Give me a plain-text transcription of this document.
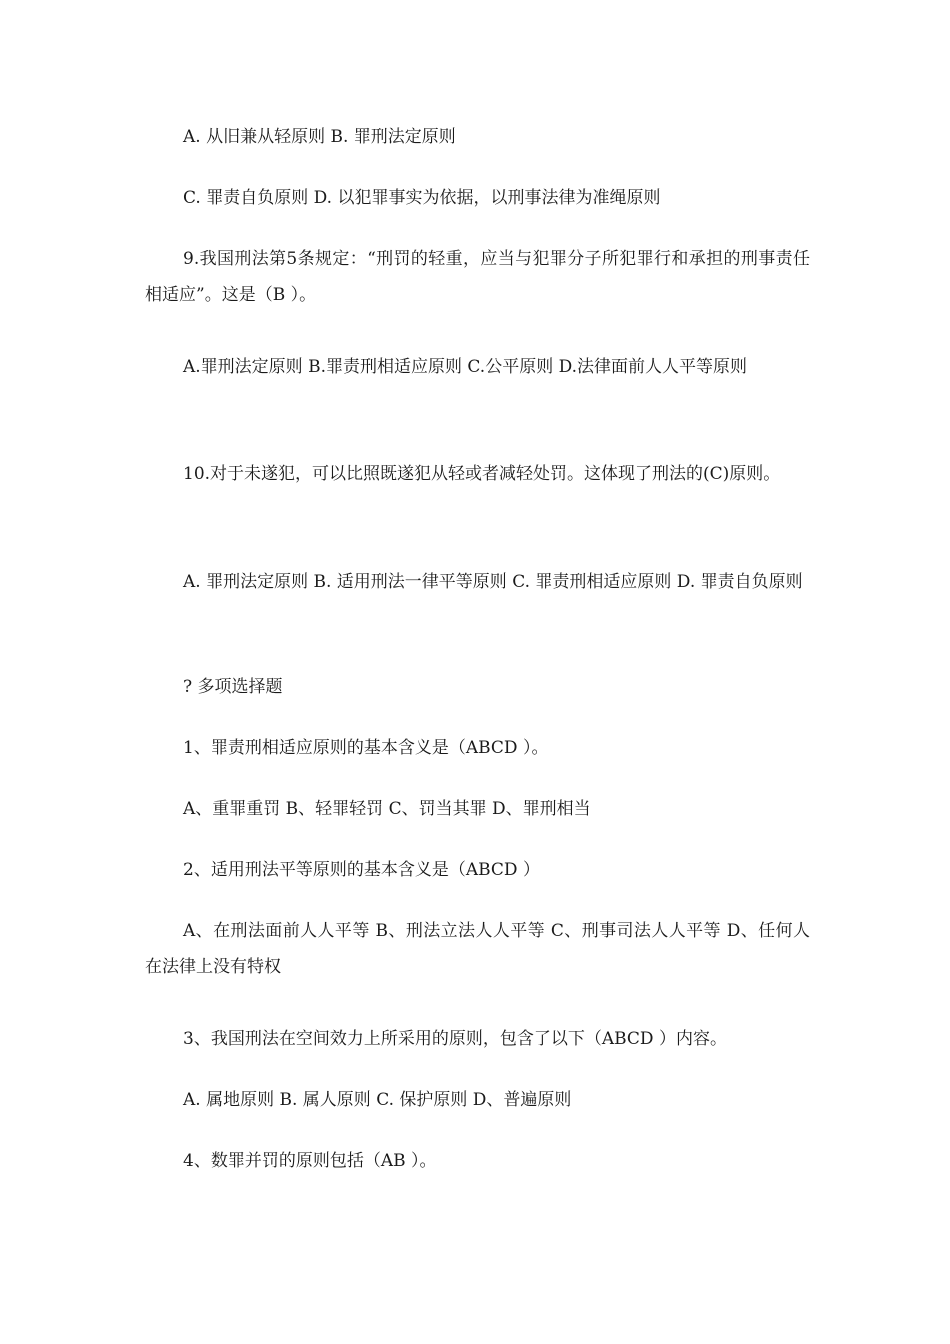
A. 从旧兼从轻原则 B. 罪刑法定原则

C. 罪责自负原则 D. 以犯罪事实为依据，以刑事法律为准绳原则

9.我国刑法第5条规定：“刑罚的轻重，应当与犯罪分子所犯罪行和承担的刑事责任相适应”。这是（B ）。

A.罪刑法定原则 B.罪责刑相适应原则 C.公平原则 D.法律面前人人平等原则

10.对于未遂犯，可以比照既遂犯从轻或者减轻处罚。这体现了刑法的(C)原则。

A. 罪刑法定原则 B. 适用刑法一律平等原则 C. 罪责刑相适应原则 D. 罪责自负原则

? 多项选择题

1、罪责刑相适应原则的基本含义是（ABCD ）。

A、重罪重罚 B、轻罪轻罚 C、罚当其罪 D、罪刑相当

2、适用刑法平等原则的基本含义是（ABCD ）

A、在刑法面前人人平等 B、刑法立法人人平等 C、刑事司法人人平等 D、任何人在法律上没有特权

3、我国刑法在空间效力上所采用的原则，包含了以下（ABCD ）内容。

A. 属地原则 B. 属人原则 C. 保护原则 D、普遍原则

4、数罪并罚的原则包括（AB ）。
